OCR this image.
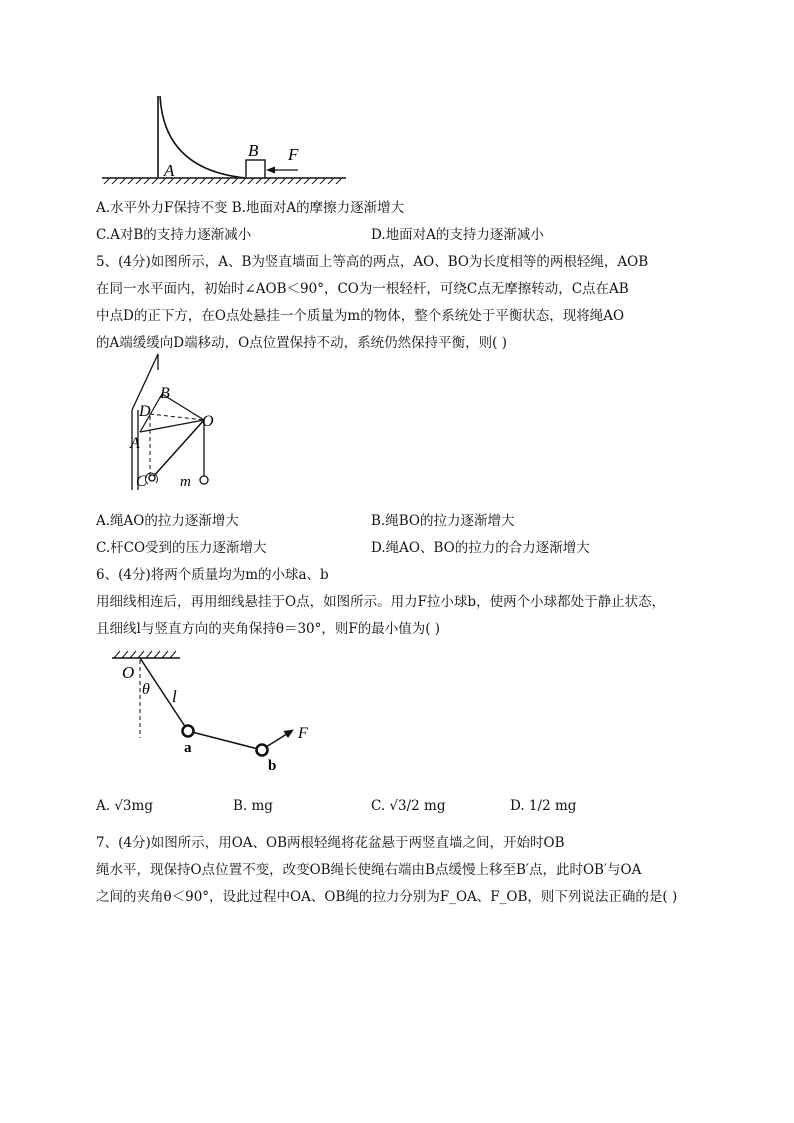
B F
A
A.水平外力F保持不变 B.地面对A的摩擦力逐渐增大
C.A对B的支持力逐渐减小	D.地面对A的支持力逐渐减小
5、(4分)如图所示，A、B为竖直墙面上等高的两点，AO、BO为长度相等的两根轻绳，AOB
在同一水平面内，初始时∠AOB＜90°，CO为一根轻杆，可绕C点无摩擦转动，C点在AB
中点D的正下方，在O点处悬挂一个质量为m的物体，整个系统处于平衡状态，现将绳AO
的A端缓缓向D端移动，O点位置保持不动，系统仍然保持平衡，则( )
B
D
O
A
C m
A.绳AO的拉力逐渐增大	B.绳BO的拉力逐渐增大
C.杆CO受到的压力逐渐增大	D.绳AO、BO的拉力的合力逐渐增大
6、(4分)将两个质量均为m的小球a、b
用细线相连后，再用细线悬挂于O点，如图所示。用力F拉小球b，使两个小球都处于静止状态，
且细线l与竖直方向的夹角保持θ＝30°，则F的最小值为( )
O
θ l
a
b
F
A. √3mg	B. mg	C. √3/2 mg	D. 1/2 mg
7、(4分)如图所示，用OA、OB两根轻绳将花盆悬于两竖直墙之间，开始时OB
绳水平，现保持O点位置不变，改变OB绳长使绳右端由B点缓慢上移至B′点，此时OB′与OA
之间的夹角θ＜90°，设此过程中OA、OB绳的拉力分别为F_OA、F_OB，则下列说法正确的是( )
